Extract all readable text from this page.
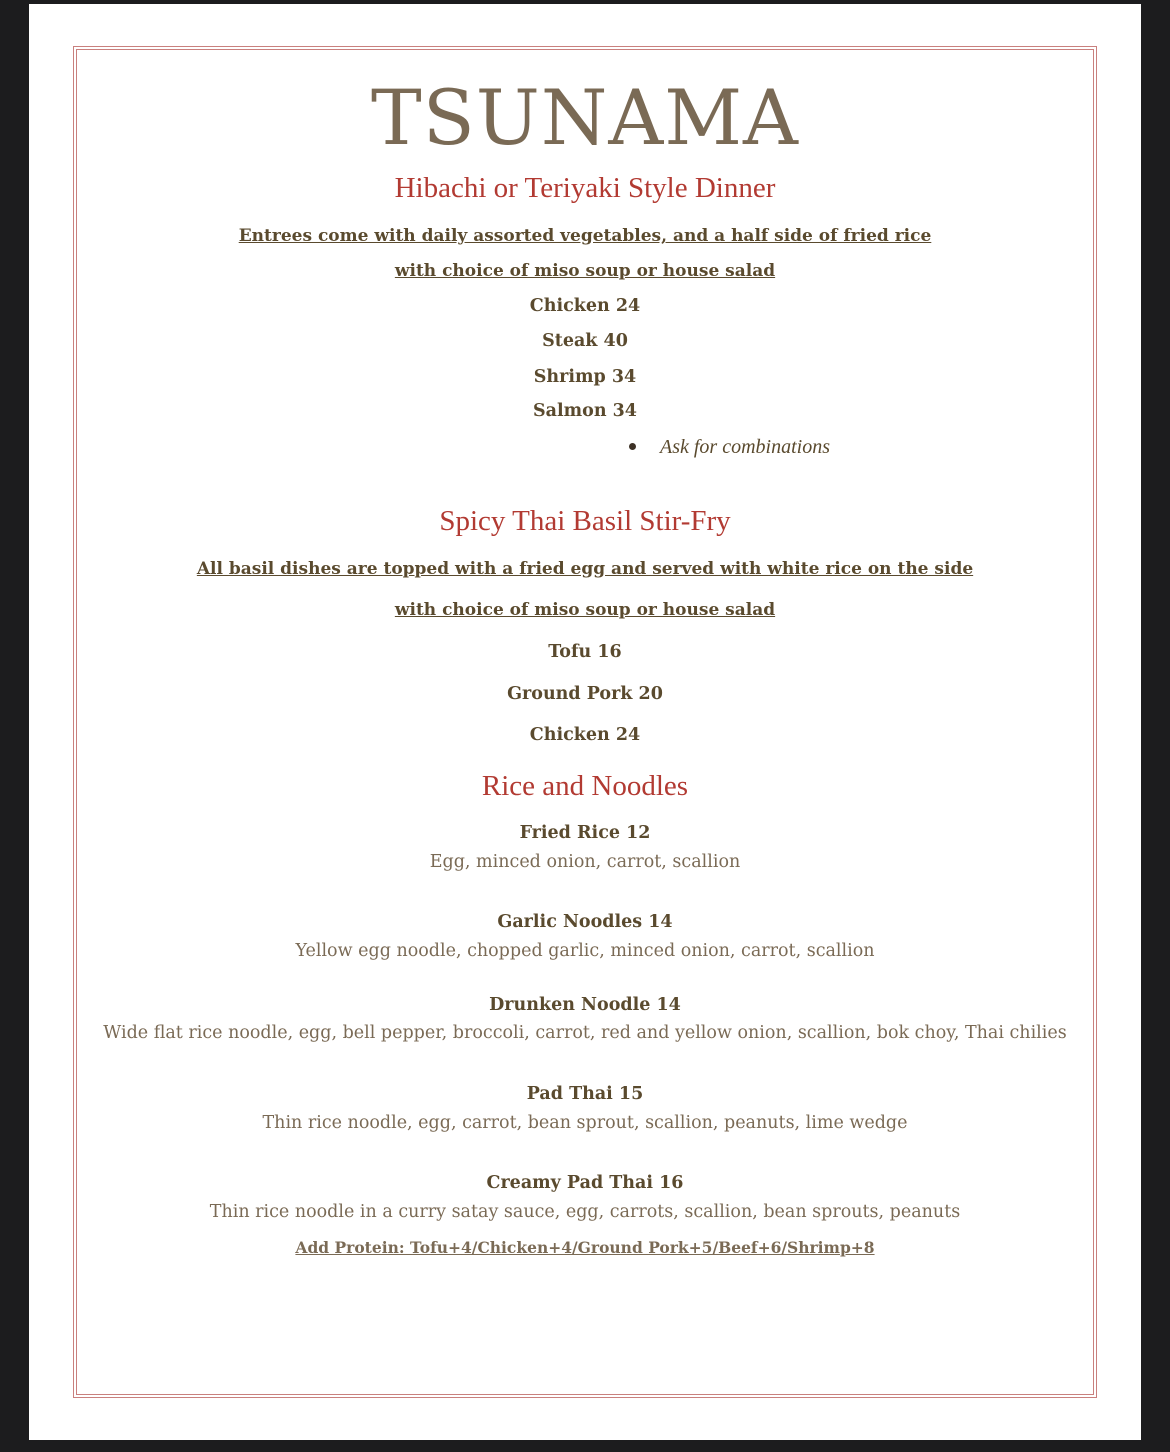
TSUNAMA
Hibachi or Teriyaki Style Dinner
Entrees come with daily assorted vegetables, and a half side of fried rice
with choice of miso soup or house salad
Chicken 24
Steak 40
Shrimp 34
Salmon 34
Ask for combinations
Spicy Thai Basil Stir-Fry
All basil dishes are topped with a fried egg and served with white rice on the side
with choice of miso soup or house salad
Tofu 16
Ground Pork 20
Chicken 24
Rice and Noodles
Fried Rice 12
Egg, minced onion, carrot, scallion
Garlic Noodles 14
Yellow egg noodle, chopped garlic, minced onion, carrot, scallion
Drunken Noodle 14
Wide flat rice noodle, egg, bell pepper, broccoli, carrot, red and yellow onion, scallion, bok choy, Thai chilies
Pad Thai 15
Thin rice noodle, egg, carrot, bean sprout, scallion, peanuts, lime wedge
Creamy Pad Thai 16
Thin rice noodle in a curry satay sauce, egg, carrots, scallion, bean sprouts, peanuts
Add Protein: Tofu+4/Chicken+4/Ground Pork+5/Beef+6/Shrimp+8
